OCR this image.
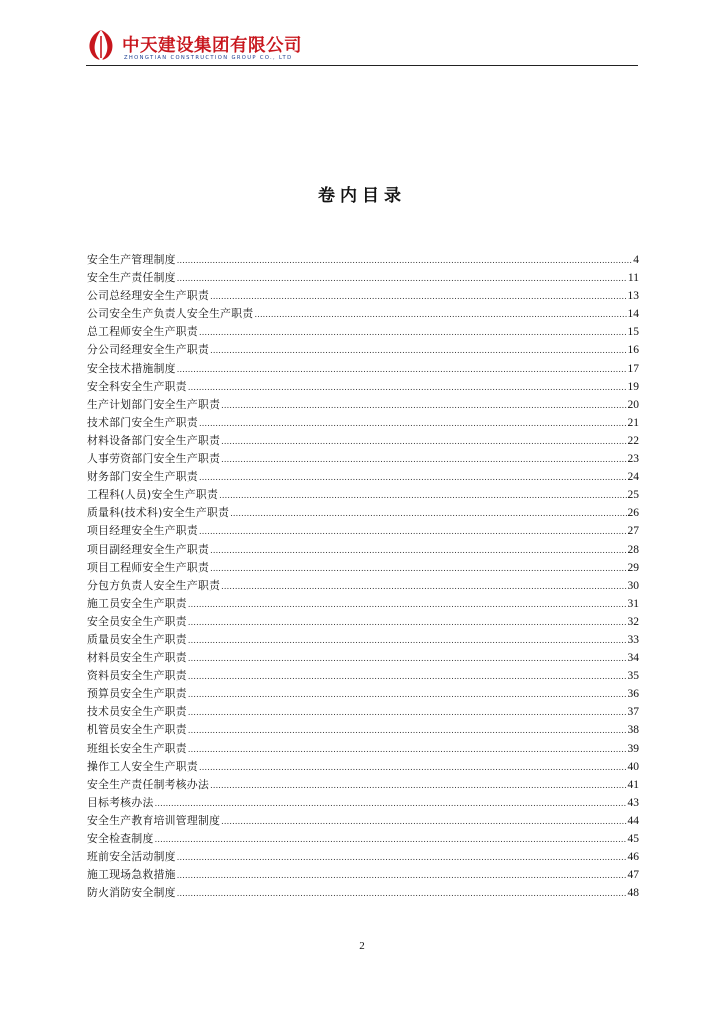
中天建设集团有限公司
ZHONGTIAN CONSTRUCTION GROUP CO., LTD
卷内目录
安全生产管理制度 .....	4
安全生产责任制度 .....	11
公司总经理安全生产职责 .....	13
公司安全生产负责人安全生产职责 .....	14
总工程师安全生产职责 .....	15
分公司经理安全生产职责 .....	16
安全技术措施制度 .....	17
安全科安全生产职责 .....	19
生产计划部门安全生产职责 .....	20
技术部门安全生产职责 .....	21
材料设备部门安全生产职责 .....	22
人事劳资部门安全生产职责 .....	23
财务部门安全生产职责 .....	24
工程科(人员)安全生产职责 .....	25
质量科(技术科)安全生产职责 .....	26
项目经理安全生产职责 .....	27
项目副经理安全生产职责 .....	28
项目工程师安全生产职责 .....	29
分包方负责人安全生产职责 .....	30
施工员安全生产职责 .....	31
安全员安全生产职责 .....	32
质量员安全生产职责 .....	33
材料员安全生产职责 .....	34
资料员安全生产职责 .....	35
预算员安全生产职责 .....	36
技术员安全生产职责 .....	37
机管员安全生产职责 .....	38
班组长安全生产职责 .....	39
操作工人安全生产职责 .....	40
安全生产责任制考核办法 .....	41
目标考核办法 .....	43
安全生产教育培训管理制度 .....	44
安全检查制度 .....	45
班前安全活动制度 .....	46
施工现场急救措施 .....	47
防火消防安全制度 .....	48
2
